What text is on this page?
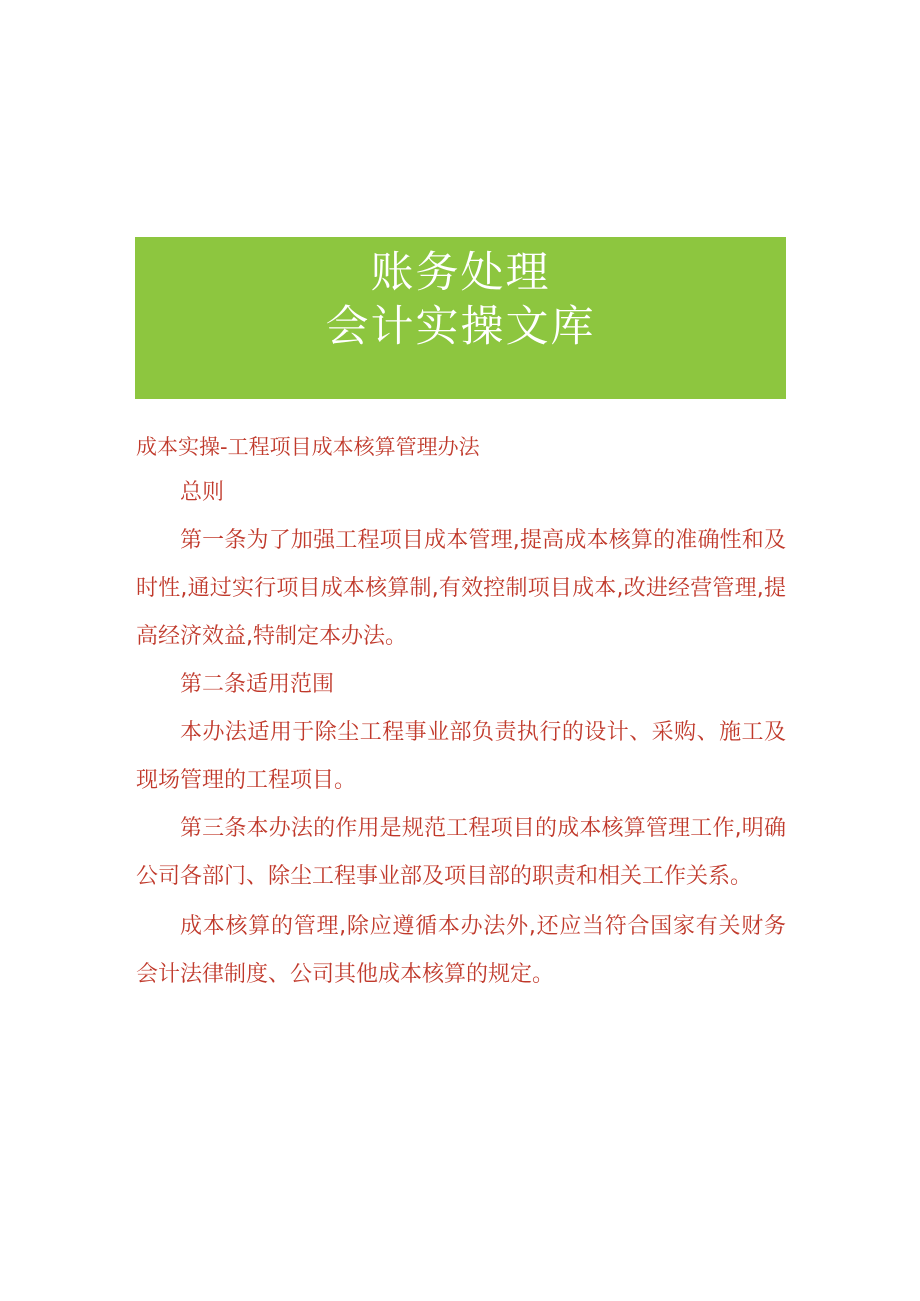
账务处理
会计实操文库
成本实操-工程项目成本核算管理办法

总则

第一条为了加强工程项目成本管理,提高成本核算的准确性和及时性,通过实行项目成本核算制,有效控制项目成本,改进经营管理,提高经济效益,特制定本办法。

第二条适用范围

本办法适用于除尘工程事业部负责执行的设计、采购、施工及现场管理的工程项目。

第三条本办法的作用是规范工程项目的成本核算管理工作,明确公司各部门、除尘工程事业部及项目部的职责和相关工作关系。

成本核算的管理,除应遵循本办法外,还应当符合国家有关财务会计法律制度、公司其他成本核算的规定。
